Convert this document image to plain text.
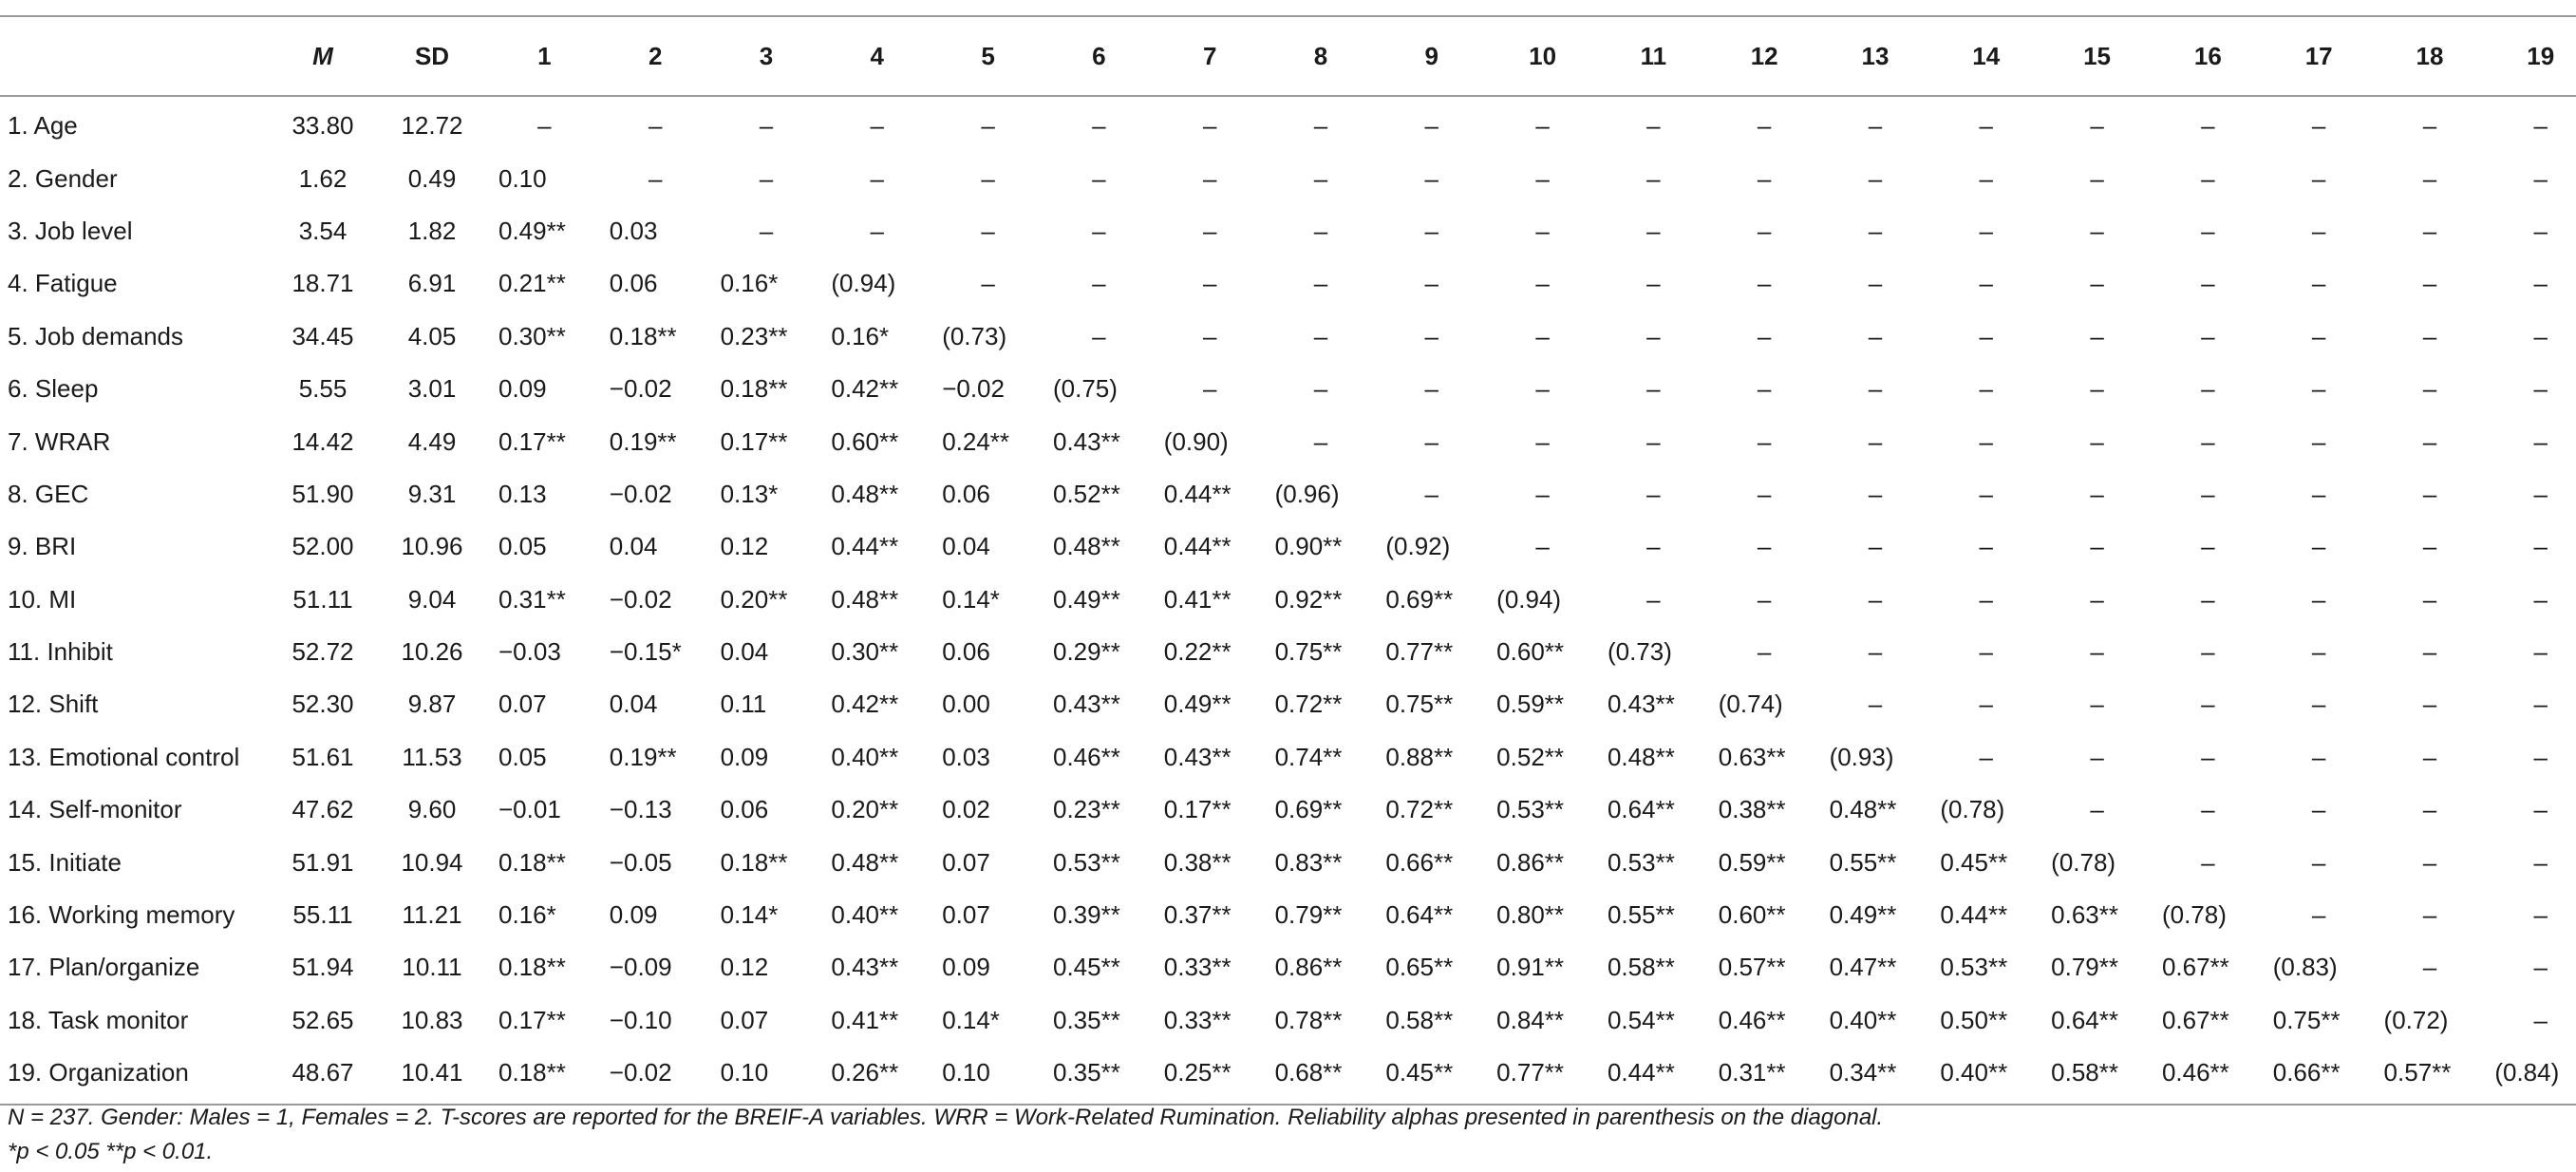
	M	SD	1	2	3	4	5	6	7	8	9	10	11	12	13	14	15	16	17	18	19
1. Age	33.80	12.72	–	–	–	–	–	–	–	–	–	–	–	–	–	–	–	–	–	–	–
2. Gender	1.62	0.49	0.10	–	–	–	–	–	–	–	–	–	–	–	–	–	–	–	–	–	–
3. Job level	3.54	1.82	0.49**	0.03	–	–	–	–	–	–	–	–	–	–	–	–	–	–	–	–	–
4. Fatigue	18.71	6.91	0.21**	0.06	0.16*	(0.94)	–	–	–	–	–	–	–	–	–	–	–	–	–	–	–
5. Job demands	34.45	4.05	0.30**	0.18**	0.23**	0.16*	(0.73)	–	–	–	–	–	–	–	–	–	–	–	–	–	–
6. Sleep	5.55	3.01	0.09	−0.02	0.18**	0.42**	−0.02	(0.75)	–	–	–	–	–	–	–	–	–	–	–	–	–
7. WRAR	14.42	4.49	0.17**	0.19**	0.17**	0.60**	0.24**	0.43**	(0.90)	–	–	–	–	–	–	–	–	–	–	–	–
8. GEC	51.90	9.31	0.13	−0.02	0.13*	0.48**	0.06	0.52**	0.44**	(0.96)	–	–	–	–	–	–	–	–	–	–	–
9. BRI	52.00	10.96	0.05	0.04	0.12	0.44**	0.04	0.48**	0.44**	0.90**	(0.92)	–	–	–	–	–	–	–	–	–	–
10. MI	51.11	9.04	0.31**	−0.02	0.20**	0.48**	0.14*	0.49**	0.41**	0.92**	0.69**	(0.94)	–	–	–	–	–	–	–	–	–
11. Inhibit	52.72	10.26	−0.03	−0.15*	0.04	0.30**	0.06	0.29**	0.22**	0.75**	0.77**	0.60**	(0.73)	–	–	–	–	–	–	–	–
12. Shift	52.30	9.87	0.07	0.04	0.11	0.42**	0.00	0.43**	0.49**	0.72**	0.75**	0.59**	0.43**	(0.74)	–	–	–	–	–	–	–
13. Emotional control	51.61	11.53	0.05	0.19**	0.09	0.40**	0.03	0.46**	0.43**	0.74**	0.88**	0.52**	0.48**	0.63**	(0.93)	–	–	–	–	–	–
14. Self-monitor	47.62	9.60	−0.01	−0.13	0.06	0.20**	0.02	0.23**	0.17**	0.69**	0.72**	0.53**	0.64**	0.38**	0.48**	(0.78)	–	–	–	–	–
15. Initiate	51.91	10.94	0.18**	−0.05	0.18**	0.48**	0.07	0.53**	0.38**	0.83**	0.66**	0.86**	0.53**	0.59**	0.55**	0.45**	(0.78)	–	–	–	–
16. Working memory	55.11	11.21	0.16*	0.09	0.14*	0.40**	0.07	0.39**	0.37**	0.79**	0.64**	0.80**	0.55**	0.60**	0.49**	0.44**	0.63**	(0.78)	–	–	–
17. Plan/organize	51.94	10.11	0.18**	−0.09	0.12	0.43**	0.09	0.45**	0.33**	0.86**	0.65**	0.91**	0.58**	0.57**	0.47**	0.53**	0.79**	0.67**	(0.83)	–	–
18. Task monitor	52.65	10.83	0.17**	−0.10	0.07	0.41**	0.14*	0.35**	0.33**	0.78**	0.58**	0.84**	0.54**	0.46**	0.40**	0.50**	0.64**	0.67**	0.75**	(0.72)	–
19. Organization	48.67	10.41	0.18**	−0.02	0.10	0.26**	0.10	0.35**	0.25**	0.68**	0.45**	0.77**	0.44**	0.31**	0.34**	0.40**	0.58**	0.46**	0.66**	0.57**	(0.84)

N = 237. Gender: Males = 1, Females = 2. T-scores are reported for the BREIF-A variables. WRR = Work-Related Rumination. Reliability alphas presented in parenthesis on the diagonal.

*p < 0.05 **p < 0.01.
